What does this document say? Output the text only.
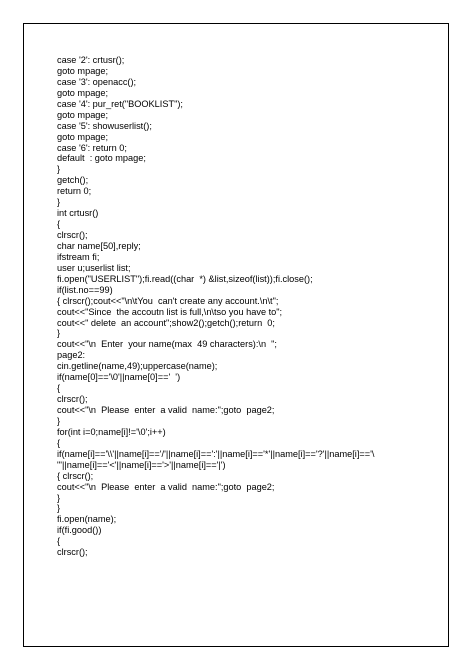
case '2': crtusr();
goto mpage;
case '3': openacc();
goto mpage;
case '4': pur_ret("BOOKLIST");
goto mpage;
case '5': showuserlist();
goto mpage;
case '6': return 0;
default  : goto mpage;
}
getch();
return 0;
}
int crtusr()
{
clrscr();
char name[50],reply;
ifstream fi;
user u;userlist list;
fi.open("USERLIST");fi.read((char  *) &list,sizeof(list));fi.close();
if(list.no==99)
{ clrscr();cout<<"\n\tYou  can't create any account.\n\t";
cout<<"Since  the accoutn list is full,\n\tso you have to";
cout<<" delete  an account";show2();getch();return  0;
}
cout<<"\n  Enter  your name(max  49 characters):\n  ";
page2:
cin.getline(name,49);uppercase(name);
if(name[0]=='\0'||name[0]=='  ')
{
clrscr();
cout<<"\n  Please  enter  a valid  name:";goto  page2;
}
for(int i=0;name[i]!='\0';i++)
{
if(name[i]=='\\'||name[i]=='/'||name[i]==':'||name[i]=='*'||name[i]=='?'||name[i]=='\
"'||name[i]=='<'||name[i]=='>'||name[i]=='|')
{ clrscr();
cout<<"\n  Please  enter  a valid  name:";goto  page2;
}
}
fi.open(name);
if(fi.good())
{
clrscr();
